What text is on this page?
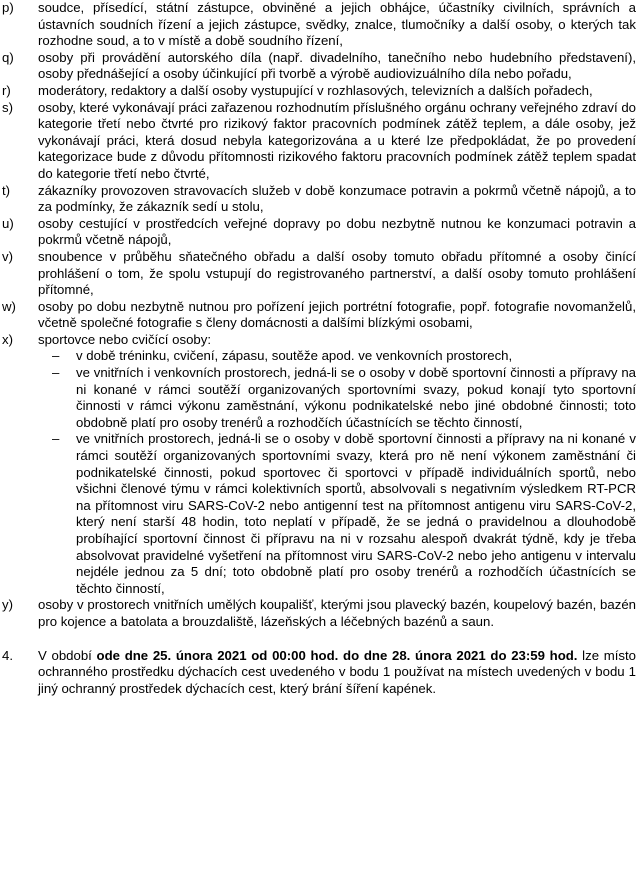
p) soudce, přísedící, státní zástupce, obviněné a jejich obhájce, účastníky civilních, správních a ústavních soudních řízení a jejich zástupce, svědky, znalce, tlumočníky a další osoby, o kterých tak rozhodne soud, a to v místě a době soudního řízení,
q) osoby při provádění autorského díla (např. divadelního, tanečního nebo hudebního představení), osoby přednášející a osoby účinkující při tvorbě a výrobě audiovizuálního díla nebo pořadu,
r) moderátory, redaktory a další osoby vystupující v rozhlasových, televizních a dalších pořadech,
s) osoby, které vykonávají práci zařazenou rozhodnutím příslušného orgánu ochrany veřejného zdraví do kategorie třetí nebo čtvrté pro rizikový faktor pracovních podmínek zátěž teplem, a dále osoby, jež vykonávají práci, která dosud nebyla kategorizována a u které lze předpokládat, že po provedení kategorizace bude z důvodu přítomnosti rizikového faktoru pracovních podmínek zátěž teplem spadat do kategorie třetí nebo čtvrté,
t) zákazníky provozoven stravovacích služeb v době konzumace potravin a pokrmů včetně nápojů, a to za podmínky, že zákazník sedí u stolu,
u) osoby cestující v prostředcích veřejné dopravy po dobu nezbytně nutnou ke konzumaci potravin a pokrmů včetně nápojů,
v) snoubence v průběhu sňatečného obřadu a další osoby tomuto obřadu přítomné a osoby činící prohlášení o tom, že spolu vstupují do registrovaného partnerství, a další osoby tomuto prohlášení přítomné,
w) osoby po dobu nezbytně nutnou pro pořízení jejich portrétní fotografie, popř. fotografie novomanželů, včetně společné fotografie s členy domácnosti a dalšími blízkými osobami,
x) sportovce nebo cvičící osoby:
– v době tréninku, cvičení, zápasu, soutěže apod. ve venkovních prostorech,
– ve vnitřních i venkovních prostorech, jedná-li se o osoby v době sportovní činnosti a přípravy na ni konané v rámci soutěží organizovaných sportovními svazy, pokud konají tyto sportovní činnosti v rámci výkonu zaměstnání, výkonu podnikatelské nebo jiné obdobné činnosti; toto obdobně platí pro osoby trenérů a rozhodčích účastnících se těchto činností,
– ve vnitřních prostorech, jedná-li se o osoby v době sportovní činnosti a přípravy na ni konané v rámci soutěží organizovaných sportovními svazy, která pro ně není výkonem zaměstnání či podnikatelské činnosti, pokud sportovec či sportovci v případě individuálních sportů, nebo všichni členové týmu v rámci kolektivních sportů, absolvovali s negativním výsledkem RT-PCR na přítomnost viru SARS-CoV-2 nebo antigenní test na přítomnost antigenu viru SARS-CoV-2, který není starší 48 hodin, toto neplatí v případě, že se jedná o pravidelnou a dlouhodobě probíhající sportovní činnost či přípravu na ni v rozsahu alespoň dvakrát týdně, kdy je třeba absolvovat pravidelné vyšetření na přítomnost viru SARS-CoV-2 nebo jeho antigenu v intervalu nejdéle jednou za 5 dní; toto obdobně platí pro osoby trenérů a rozhodčích účastnících se těchto činností,
y) osoby v prostorech vnitřních umělých koupališť, kterými jsou plavecký bazén, koupelový bazén, bazén pro kojence a batolata a brouzdaliště, lázeňských a léčebných bazénů a saun.
4. V období ode dne 25. února 2021 od 00:00 hod. do dne 28. února 2021 do 23:59 hod. lze místo ochranného prostředku dýchacích cest uvedeného v bodu 1 používat na místech uvedených v bodu 1 jiný ochranný prostředek dýchacích cest, který brání šíření kapének.
